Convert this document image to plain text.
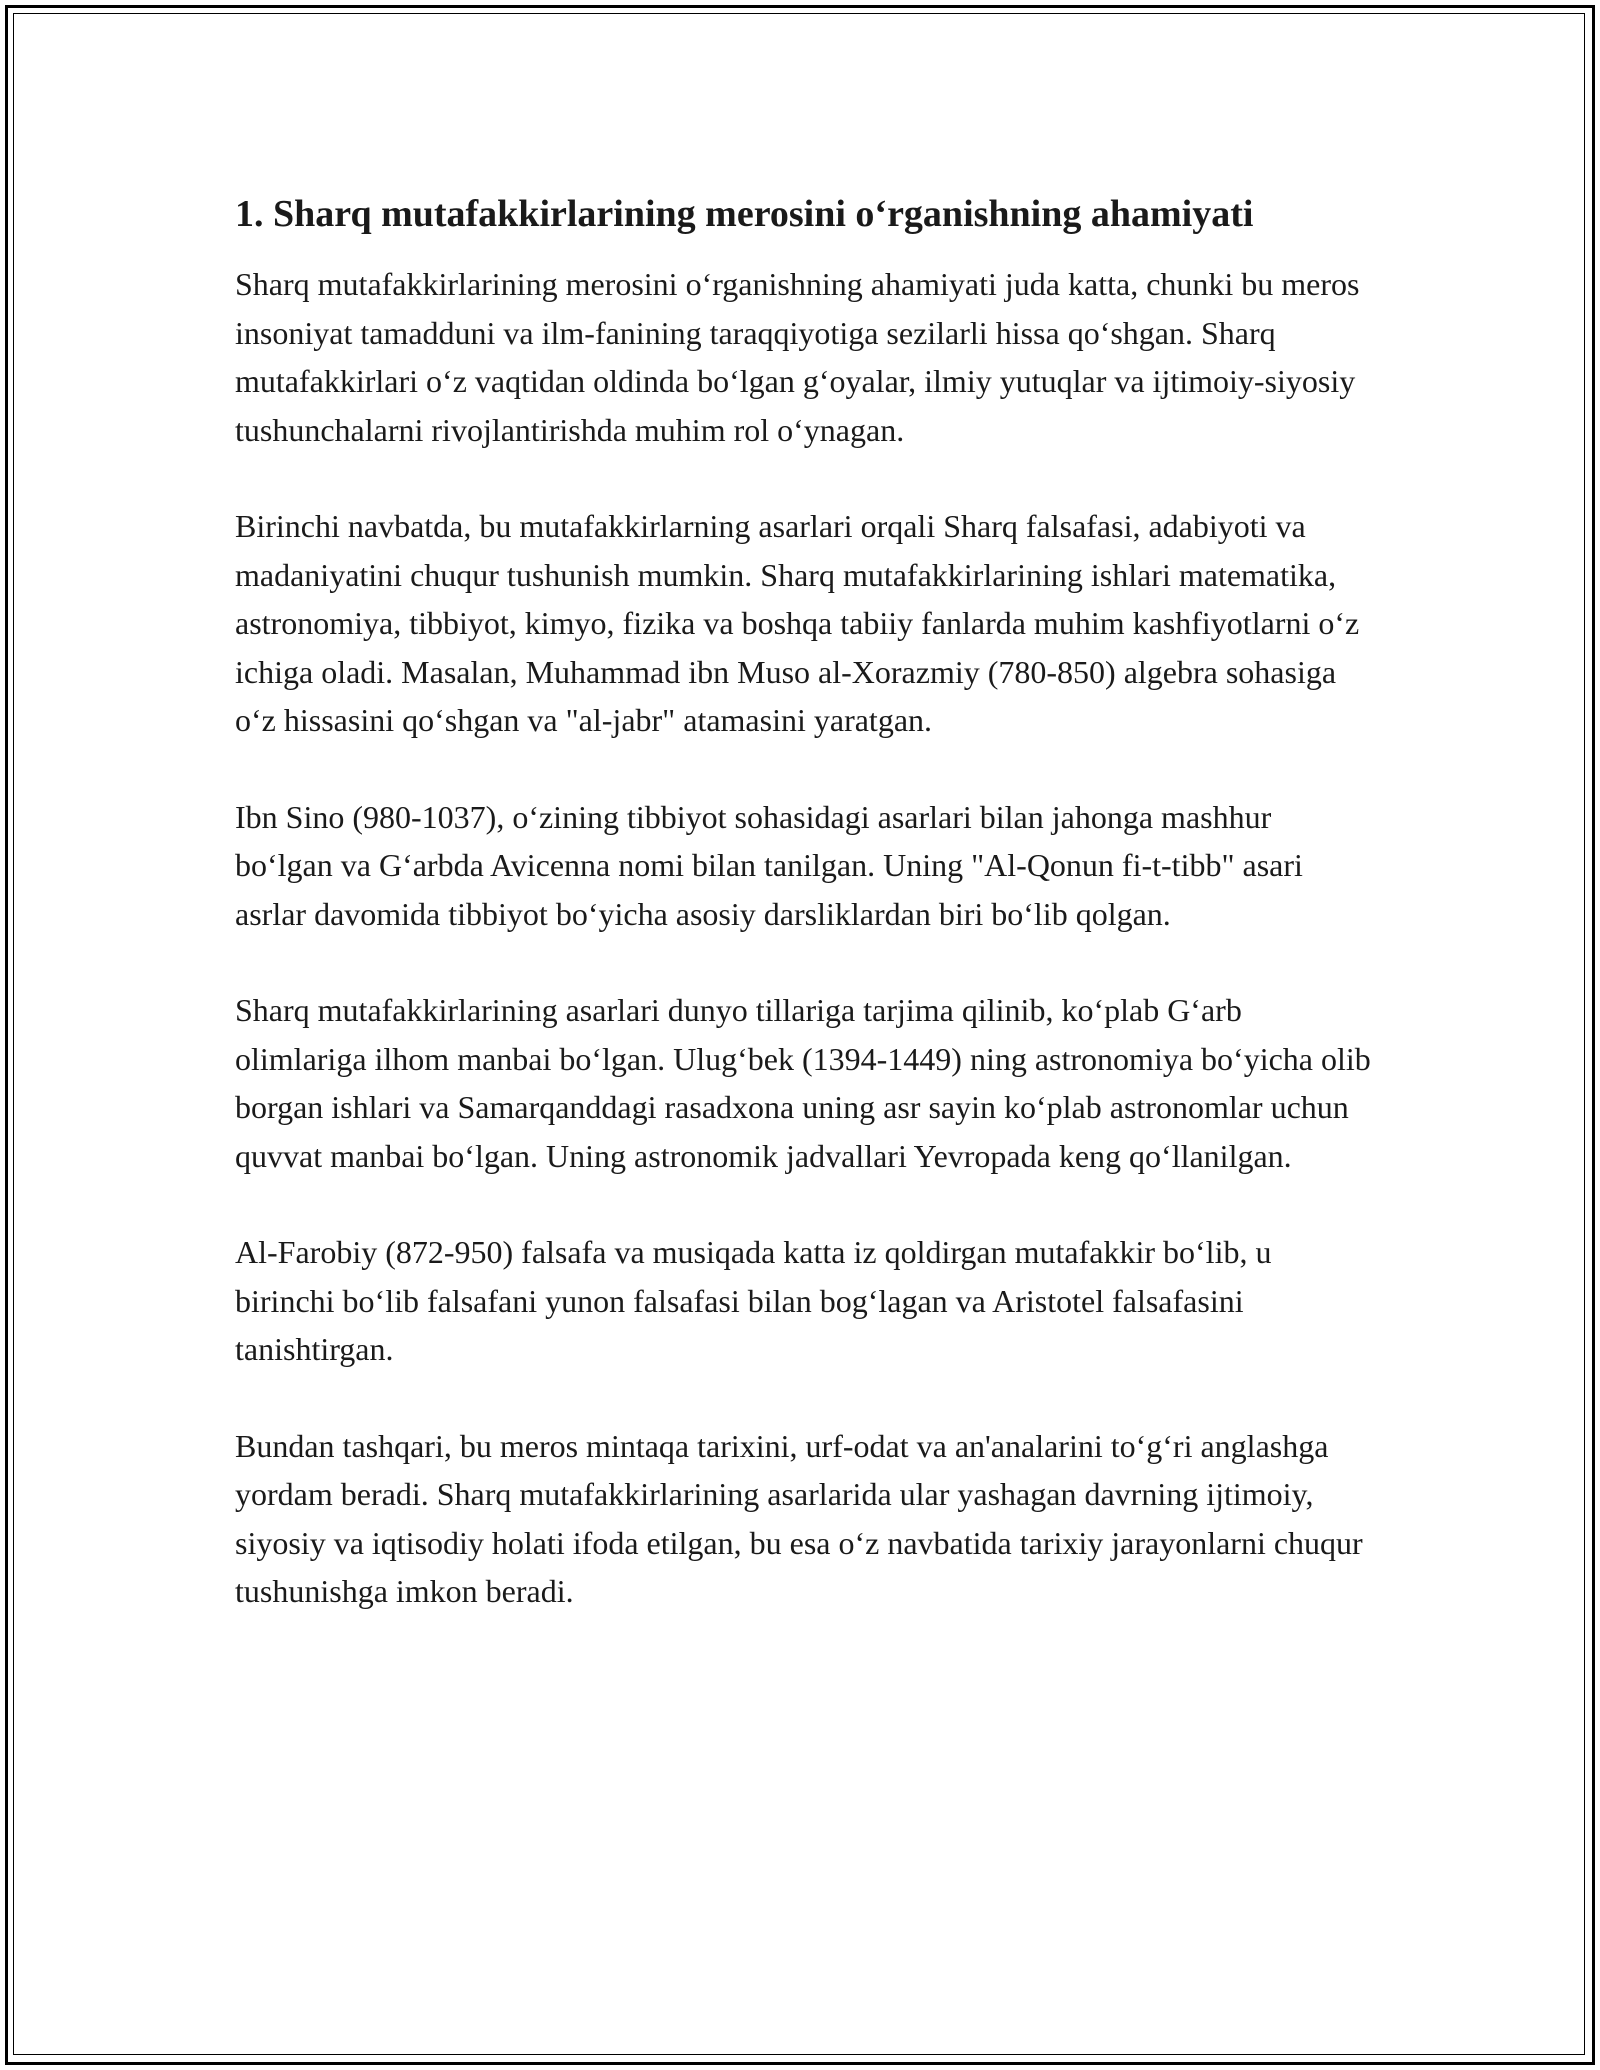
1. Sharq mutafakkirlarining merosini oʻrganishning ahamiyati

Sharq mutafakkirlarining merosini oʻrganishning ahamiyati juda katta, chunki bu meros insoniyat tamadduni va ilm-fanining taraqqiyotiga sezilarli hissa qoʻshgan. Sharq mutafakkirlari oʻz vaqtidan oldinda boʻlgan gʻoyalar, ilmiy yutuqlar va ijtimoiy-siyosiy tushunchalarni rivojlantirishda muhim rol oʻynagan.

Birinchi navbatda, bu mutafakkirlarning asarlari orqali Sharq falsafasi, adabiyoti va madaniyatini chuqur tushunish mumkin. Sharq mutafakkirlarining ishlari matematika, astronomiya, tibbiyot, kimyo, fizika va boshqa tabiiy fanlarda muhim kashfiyotlarni oʻz ichiga oladi. Masalan, Muhammad ibn Muso al-Xorazmiy (780-850) algebra sohasiga oʻz hissasini qoʻshgan va "al-jabr" atamasini yaratgan.

Ibn Sino (980-1037), oʻzining tibbiyot sohasidagi asarlari bilan jahonga mashhur boʻlgan va Gʻarbda Avicenna nomi bilan tanilgan. Uning "Al-Qonun fi-t-tibb" asari asrlar davomida tibbiyot boʻyicha asosiy darsliklardan biri boʻlib qolgan.

Sharq mutafakkirlarining asarlari dunyo tillariga tarjima qilinib, koʻplab Gʻarb olimlariga ilhom manbai boʻlgan. Ulugʻbek (1394-1449) ning astronomiya boʻyicha olib borgan ishlari va Samarqanddagi rasadxona uning asr sayin koʻplab astronomlar uchun quvvat manbai boʻlgan. Uning astronomik jadvallari Yevropada keng qoʻllanilgan.

Al-Farobiy (872-950) falsafa va musiqada katta iz qoldirgan mutafakkir boʻlib, u birinchi boʻlib falsafani yunon falsafasi bilan bogʻlagan va Aristotel falsafasini tanishtirgan.

Bundan tashqari, bu meros mintaqa tarixini, urf-odat va an'analarini toʻgʻri anglashga yordam beradi. Sharq mutafakkirlarining asarlarida ular yashagan davrning ijtimoiy, siyosiy va iqtisodiy holati ifoda etilgan, bu esa oʻz navbatida tarixiy jarayonlarni chuqur tushunishga imkon beradi.
